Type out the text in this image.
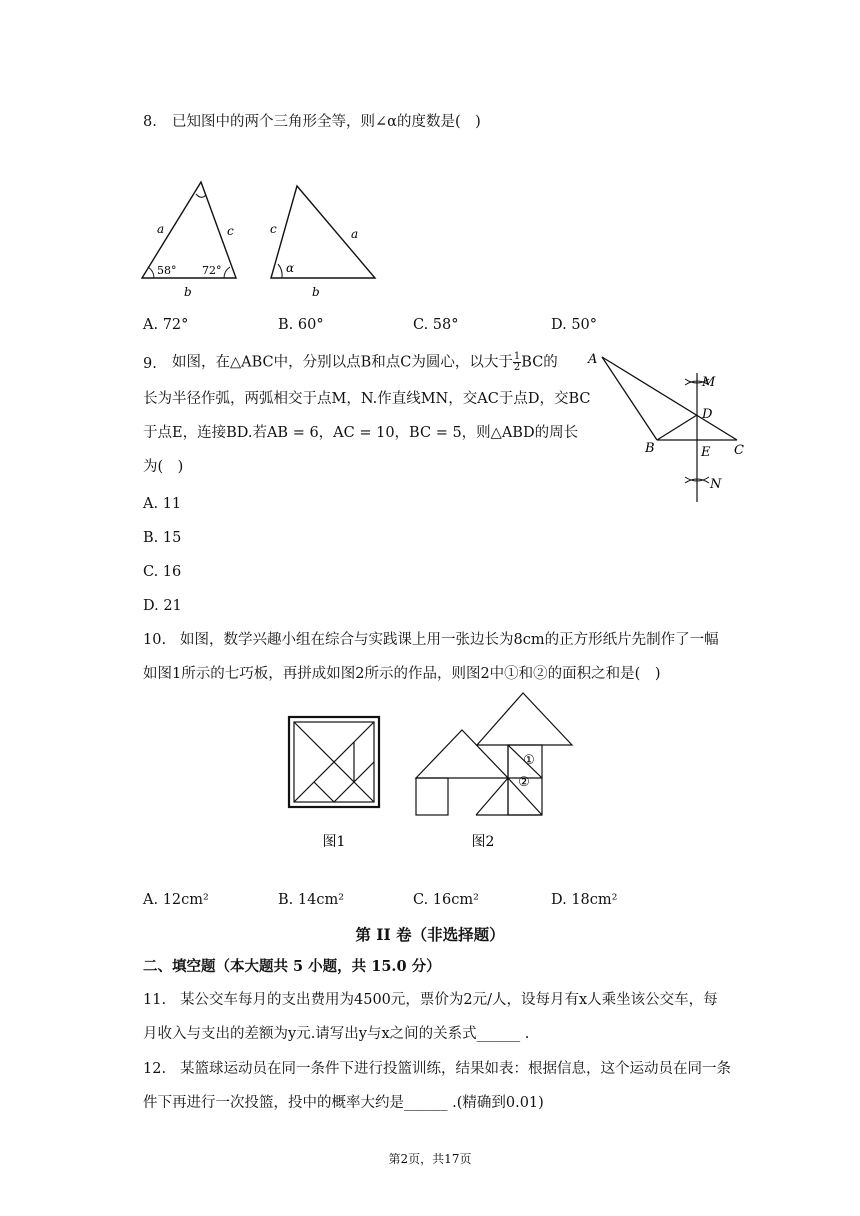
8. 已知图中的两个三角形全等，则∠α的度数是( )
a	c
b
58° 72°
c	a
b
α
A. 72°	B. 60°	C. 58°	D. 50°
9. 如图，在△ABC中，分别以点B和点C为圆心，以大于 $\frac{1}{2}$ BC的
长为半径作弧，两弧相交于点M，N.作直线MN，交AC于点D，交BC
于点E，连接BD.若AB = 6，AC = 10，BC = 5，则△ABD的周长
为( )
A
M
D
B	E C
N
A. 11
B. 15
C. 16
D. 21
10. 如图，数学兴趣小组在综合与实践课上用一张边长为8cm的正方形纸片先制作了一幅
如图1所示的七巧板，再拼成如图2所示的作品，则图2中①和②的面积之和是( )
图1
①
②
图2
A. 12cm²	B. 14cm²	C. 16cm²	D. 18cm²
第 II 卷（非选择题）
二、填空题（本大题共 5 小题，共 15.0 分）
11. 某公交车每月的支出费用为4500元，票价为2元/人，设每月有x人乘坐该公交车，每
月收入与支出的差额为y元.请写出y与x之间的关系式______ .
12. 某篮球运动员在同一条件下进行投篮训练，结果如表：根据信息，这个运动员在同一条
件下再进行一次投篮，投中的概率大约是______ .(精确到0.01)
第2页，共17页
